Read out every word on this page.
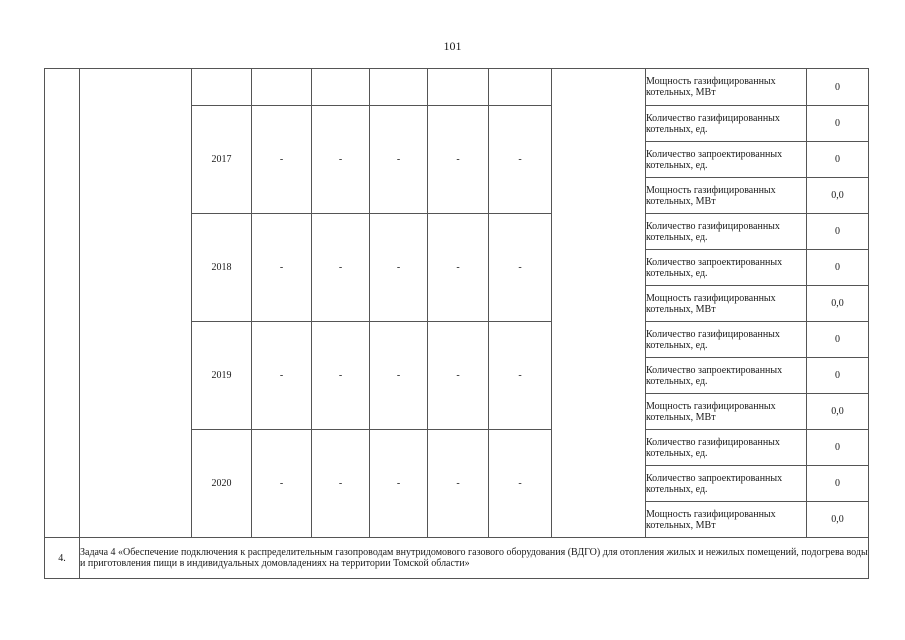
101
									Мощность газифицированных котельных, МВт	0
		2017	-	-	-	-	-		Количество газифицированных котельных, ед.	0
									Количество запроектированных котельных, ед.	0
									Мощность газифицированных котельных, МВт	0,0
		2018	-	-	-	-	-		Количество газифицированных котельных, ед.	0
									Количество запроектированных котельных, ед.	0
									Мощность газифицированных котельных, МВт	0,0
		2019	-	-	-	-	-		Количество газифицированных котельных, ед.	0
									Количество запроектированных котельных, ед.	0
									Мощность газифицированных котельных, МВт	0,0
		2020	-	-	-	-	-		Количество газифицированных котельных, ед.	0
									Количество запроектированных котельных, ед.	0
									Мощность газифицированных котельных, МВт	0,0
4.	Задача 4 «Обеспечение подключения к распределительным газопроводам внутридомового газового оборудования (ВДГО) для отопления жилых и нежилых помещений, подогрева воды и приготовления пищи в индивидуальных домовладениях на территории Томской области»									
